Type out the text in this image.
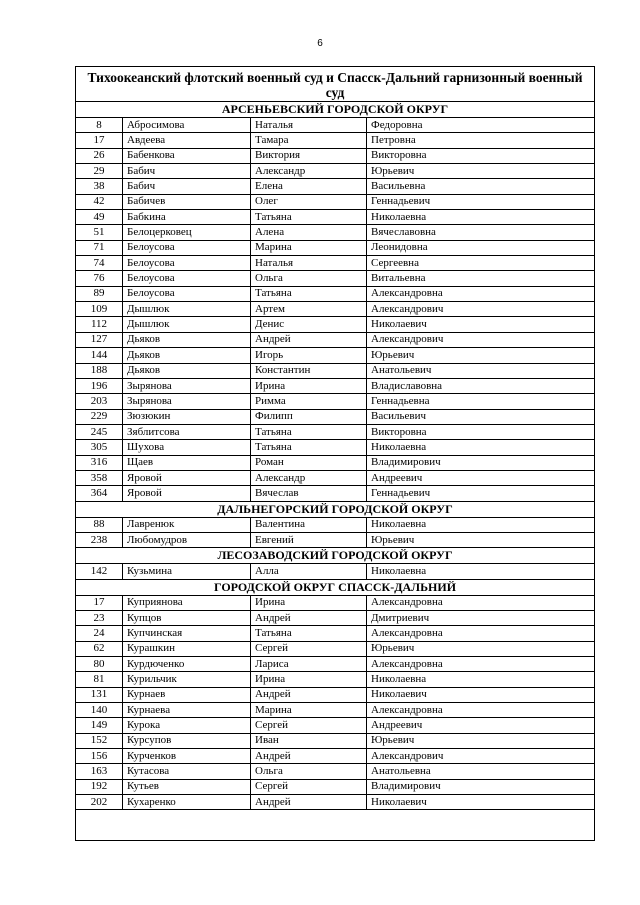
6
Тихоокеанский флотский военный суд и Спасск-Дальний гарнизонный военный суд			
АРСЕНЬЕВСКИЙ ГОРОДСКОЙ ОКРУГ			
8	Абросимова	Наталья	Федоровна
17	Авдеева	Тамара	Петровна
26	Бабенкова	Виктория	Викторовна
29	Бабич	Александр	Юрьевич
38	Бабич	Елена	Васильевна
42	Бабичев	Олег	Геннадьевич
49	Бабкина	Татьяна	Николаевна
51	Белоцерковец	Алена	Вячеславовна
71	Белоусова	Марина	Леонидовна
74	Белоусова	Наталья	Сергеевна
76	Белоусова	Ольга	Витальевна
89	Белоусова	Татьяна	Александровна
109	Дышлюк	Артем	Александрович
112	Дышлюк	Денис	Николаевич
127	Дьяков	Андрей	Александрович
144	Дьяков	Игорь	Юрьевич
188	Дьяков	Константин	Анатольевич
196	Зырянова	Ирина	Владиславовна
203	Зырянова	Римма	Геннадьевна
229	Зюзюкин	Филипп	Васильевич
245	Зяблитсова	Татьяна	Викторовна
305	Шухова	Татьяна	Николаевна
316	Щаев	Роман	Владимирович
358	Яровой	Александр	Андреевич
364	Яровой	Вячеслав	Геннадьевич
ДАЛЬНЕГОРСКИЙ ГОРОДСКОЙ ОКРУГ			
88	Лавренюк	Валентина	Николаевна
238	Любомудров	Евгений	Юрьевич
ЛЕСОЗАВОДСКИЙ ГОРОДСКОЙ ОКРУГ			
142	Кузьмина	Алла	Николаевна
ГОРОДСКОЙ ОКРУГ СПАССК-ДАЛЬНИЙ			
17	Куприянова	Ирина	Александровна
23	Купцов	Андрей	Дмитриевич
24	Купчинская	Татьяна	Александровна
62	Курашкин	Сергей	Юрьевич
80	Курдюченко	Лариса	Александровна
81	Курильчик	Ирина	Николаевна
131	Курнаев	Андрей	Николаевич
140	Курнаева	Марина	Александровна
149	Курока	Сергей	Андреевич
152	Курсупов	Иван	Юрьевич
156	Курченков	Андрей	Александрович
163	Кутасова	Ольга	Анатольевна
192	Кутьев	Сергей	Владимирович
202	Кухаренко	Андрей	Николаевич
